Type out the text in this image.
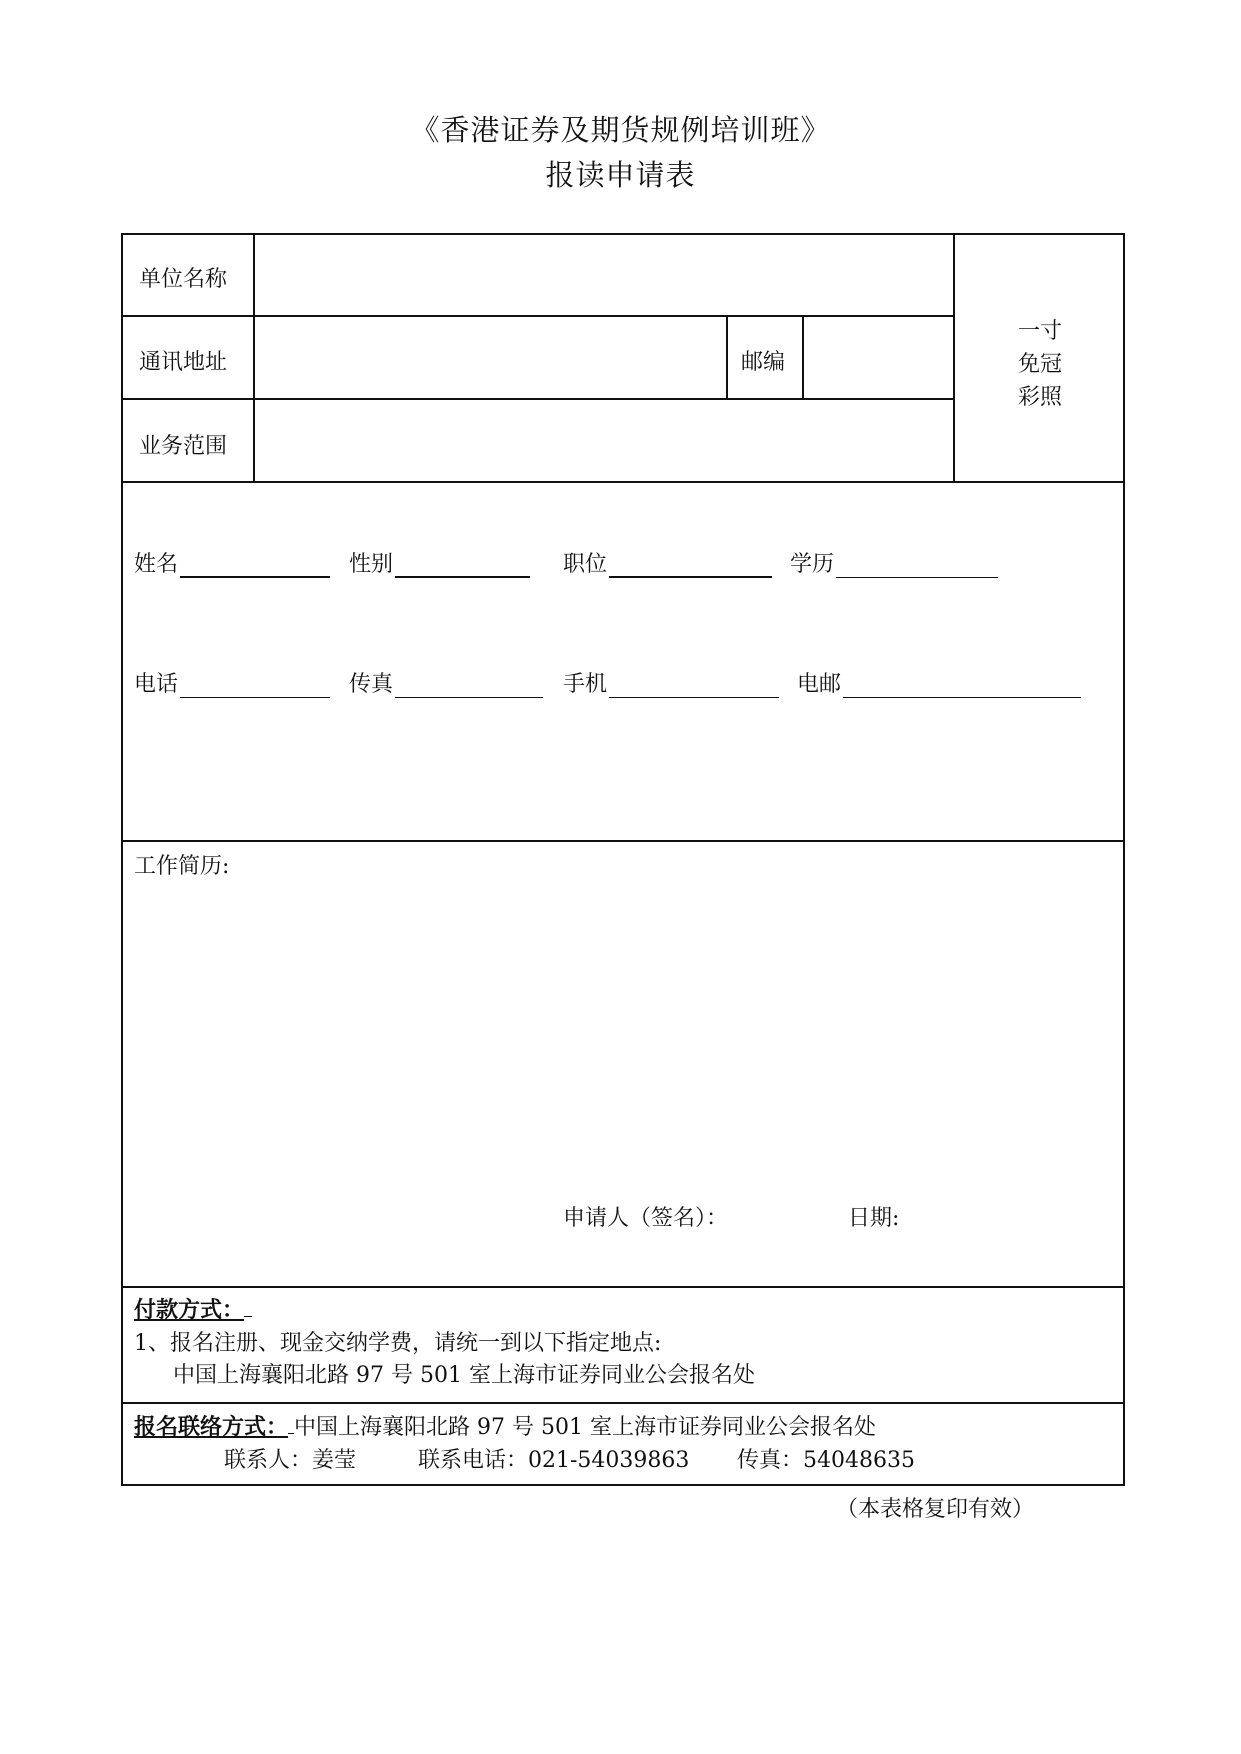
《香港证券及期货规例培训班》
报读申请表
单位名称
通讯地址	邮编
业务范围
一寸
免冠
彩照
姓名	性别	职位	学历
电话	传真	手机	电邮
工作简历:
申请人（签名）：	日期:
付款方式：
1、报名注册、现金交纳学费，请统一到以下指定地点:
中国上海襄阳北路 97 号 501 室上海市证券同业公会报名处
报名联络方式： 中国上海襄阳北路 97 号 501 室上海市证券同业公会报名处
联系人：姜莹	联系电话：021-54039863 传真：54048635
（本表格复印有效）
